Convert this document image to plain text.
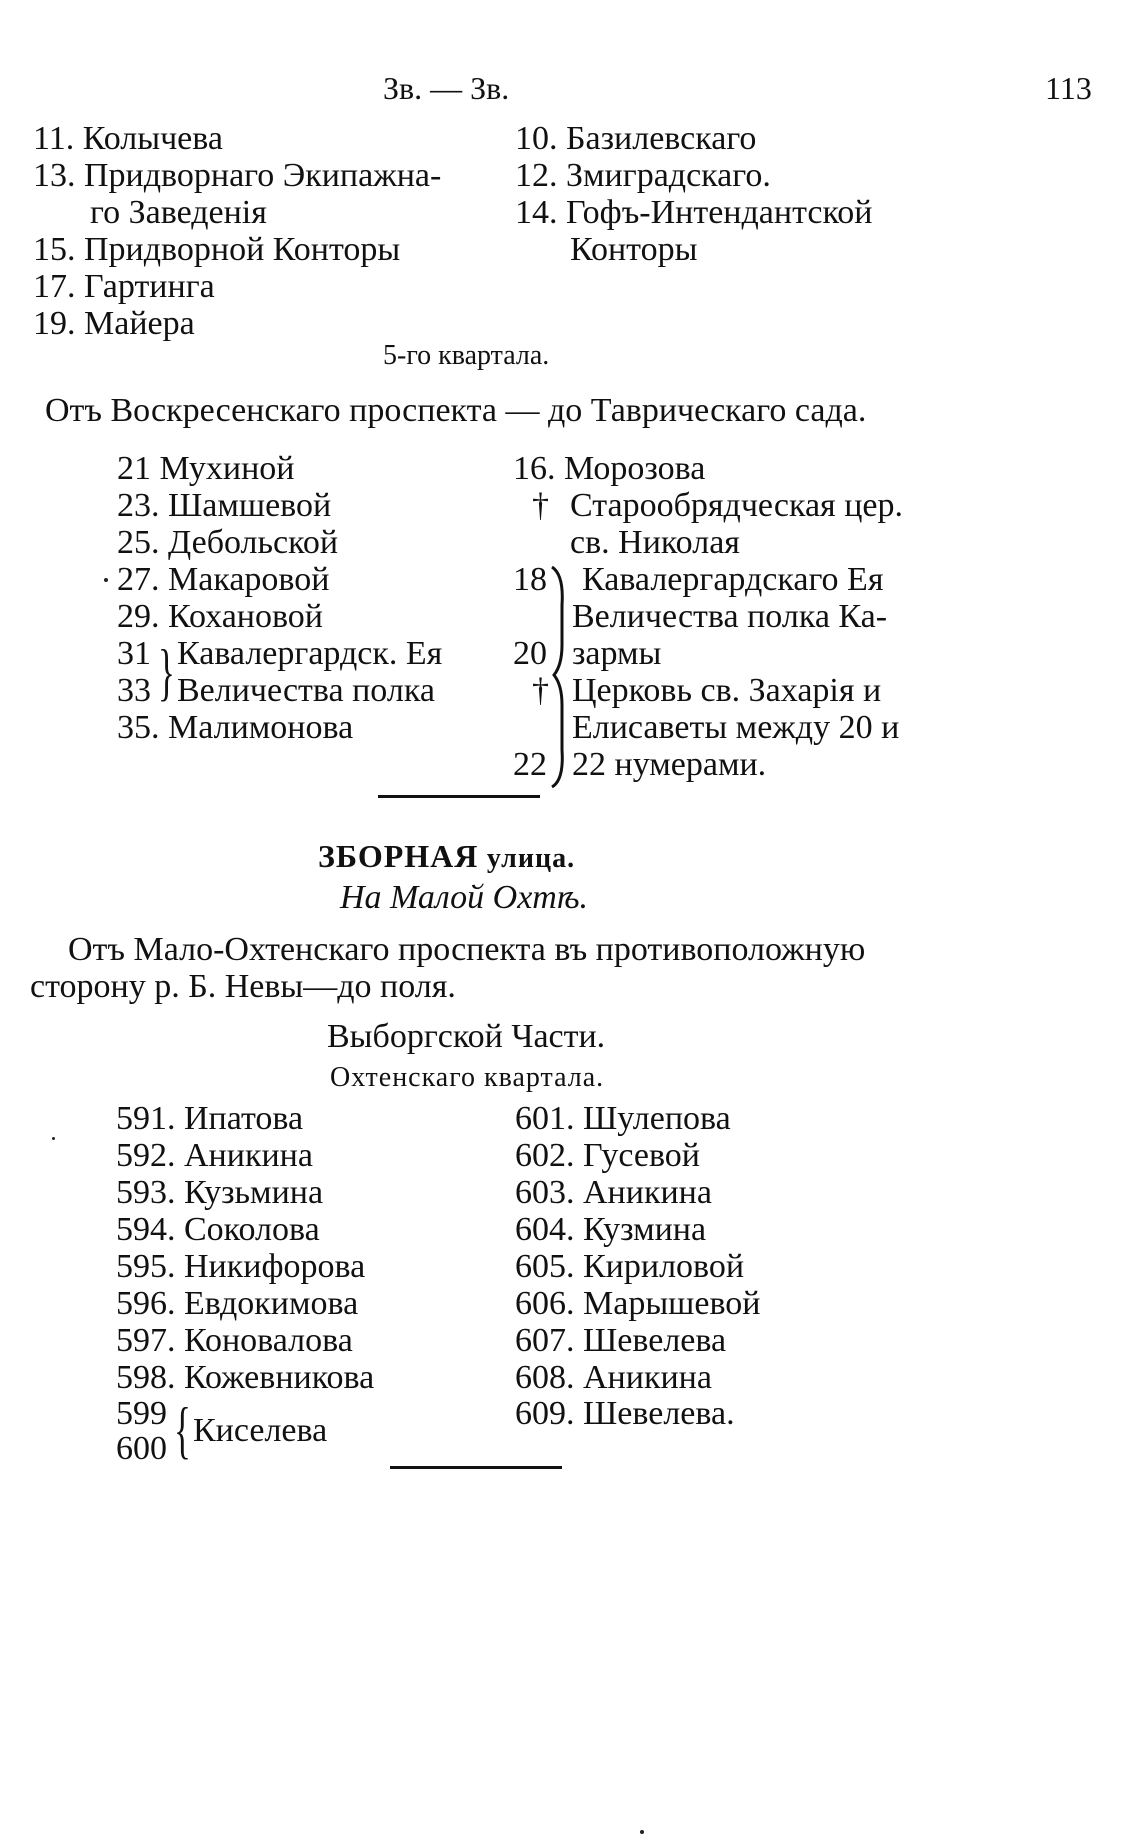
Зв. — Зв.	113
11. Колычева
13. Придворнаго Экипажна-
го Заведенія
15. Придворной Конторы
17. Гартинга
19. Майера
10. Базилевскаго
12. Змиградскаго.
14. Гофъ-Интендантской
Конторы
5-го квартала.
Отъ Воскресенскаго проспекта — до Таврическаго сада.
21 Мухиной
23. Шамшевой
25. Дебольской
27. Макаровой
29. Кохановой
31
33 } Кавалергардск. Ея
Величества полка
35. Малимонова
16. Морозова
† Старообрядческая цер.
св. Николая
18
20
†
22
Кавалергардскаго Ея
Величества полка Ка-
зармы
Церковь св. Захарія и
Елисаветы между 20 и
22 нумерами.
ЗБОРНАЯ улица.
На Малой Охтѣ.
Отъ Мало-Охтенскаго проспекта въ противоположную
сторону р. Б. Невы—до поля.
Выборгской Части.
Охтенскаго квартала.
591. Ипатова
592. Аникина
593. Кузьмина
594. Соколова
595. Никифорова
596. Евдокимова
597. Коновалова
598. Кожевникова
599
600 { Киселева
601. Шулепова
602. Гусевой
603. Аникина
604. Кузмина
605. Кириловой
606. Марышевой
607. Шевелева
608. Аникина
609. Шевелева.
